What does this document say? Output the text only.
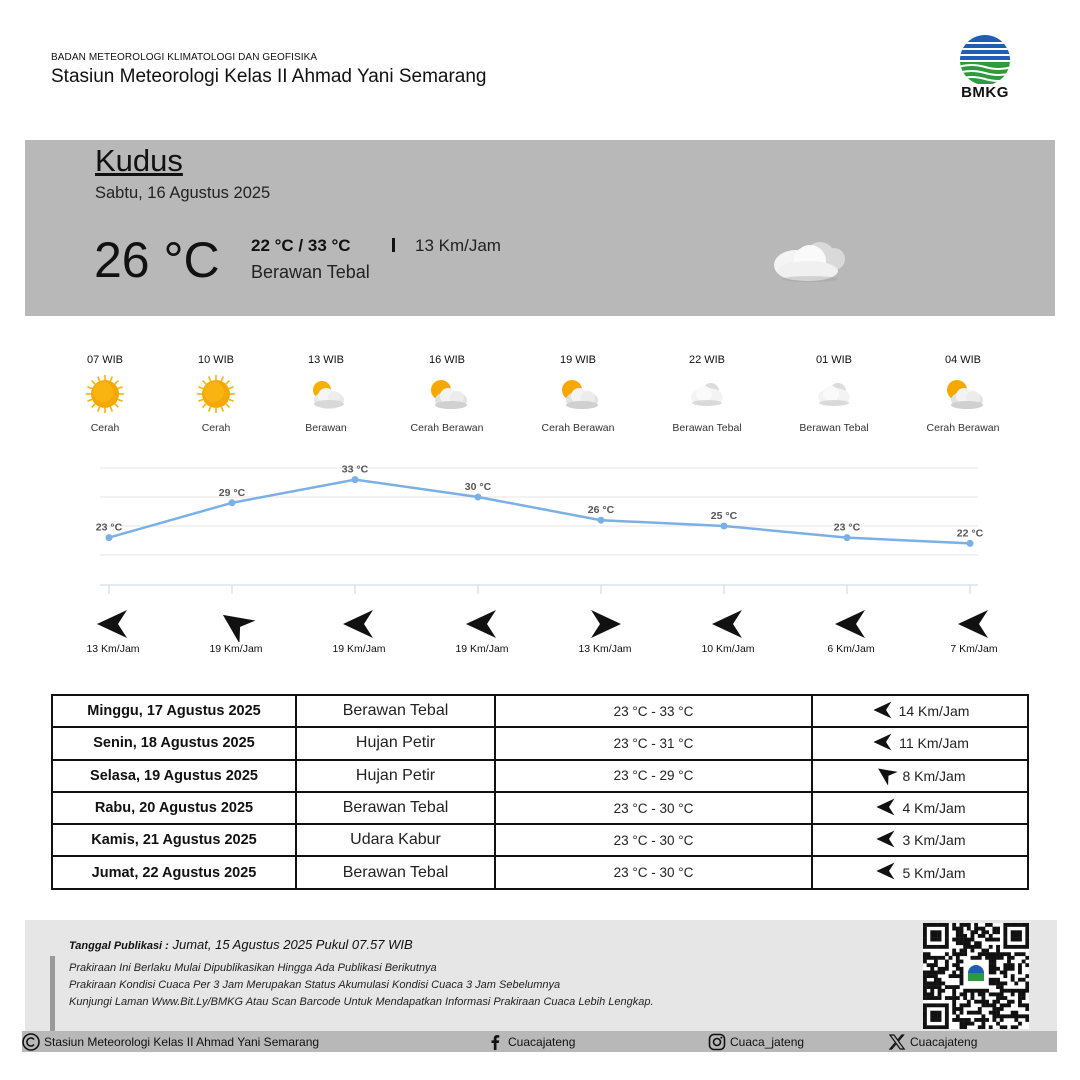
BADAN METEOROLOGI KLIMATOLOGI DAN GEOFISIKA
Stasiun Meteorologi Kelas II Ahmad Yani Semarang
BMKG
Kudus
Sabtu, 16 Agustus 2025
26 °C 22 °C / 33 °C	13 Km/Jam
Berawan Tebal
07 WIB
Cerah
10 WIB
Cerah
13 WIB
Berawan
16 WIB
Cerah Berawan
19 WIB
Cerah Berawan
22 WIB
Berawan Tebal
01 WIB
Berawan Tebal
04 WIB
Cerah Berawan
23 °C
29 °C
33 °C
30 °C
26 °C	25 °C
23 °C	22 °C
13 Km/Jam	19 Km/Jam	19 Km/Jam	19 Km/Jam	13 Km/Jam	10 Km/Jam	6 Km/Jam	7 Km/Jam
Minggu, 17 Agustus 2025	Berawan Tebal	23 °C - 33 °C	14 Km/Jam

Senin, 18 Agustus 2025	Hujan Petir	23 °C - 31 °C	11 Km/Jam

Selasa, 19 Agustus 2025	Hujan Petir	23 °C - 29 °C	8 Km/Jam

Rabu, 20 Agustus 2025	Berawan Tebal	23 °C - 30 °C	4 Km/Jam

Kamis, 21 Agustus 2025	Udara Kabur	23 °C - 30 °C	3 Km/Jam

Jumat, 22 Agustus 2025	Berawan Tebal	23 °C - 30 °C	5 Km/Jam
Tanggal Publikasi : Jumat, 15 Agustus 2025 Pukul 07.57 WIB
Prakiraan Ini Berlaku Mulai Dipublikasikan Hingga Ada Publikasi Berikutnya
Prakiraan Kondisi Cuaca Per 3 Jam Merupakan Status Akumulasi Kondisi Cuaca 3 Jam Sebelumnya
Kunjungi Laman Www.Bit.Ly/BMKG Atau Scan Barcode Untuk Mendapatkan Informasi Prakiraan Cuaca Lebih Lengkap.
Stasiun Meteorologi Kelas II Ahmad Yani Semarang	Cuacajateng	Cuaca_jateng	Cuacajateng
